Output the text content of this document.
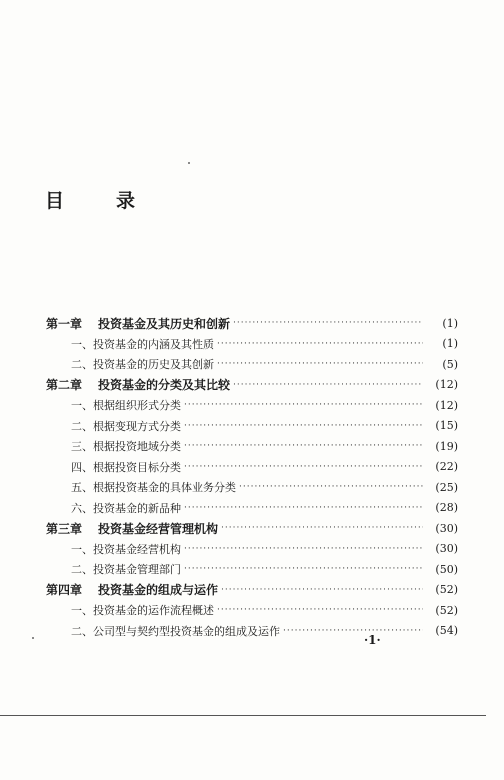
目	录
第一章	投资基金及其历史和创新 ·····	(1)
一、投资基金的内涵及其性质 ·····	(1)
二、投资基金的历史及其创新 ·····	(5)
第二章	投资基金的分类及其比较 ·····	(12)
一、根据组织形式分类 ·····	(12)
二、根据变现方式分类 ·····	(15)
三、根据投资地域分类 ·····	(19)
四、根据投资目标分类 ·····	(22)
五、根据投资基金的具体业务分类 ·····	(25)
六、投资基金的新品种 ·····	(28)
第三章	投资基金经营管理机构 ·····	(30)
一、投资基金经营机构 ·····	(30)
二、投资基金管理部门 ·····	(50)
第四章	投资基金的组成与运作 ·····	(52)
一、投资基金的运作流程概述 ·····	(52)
二、公司型与契约型投资基金的组成及运作 ·····	(54)
·1·
